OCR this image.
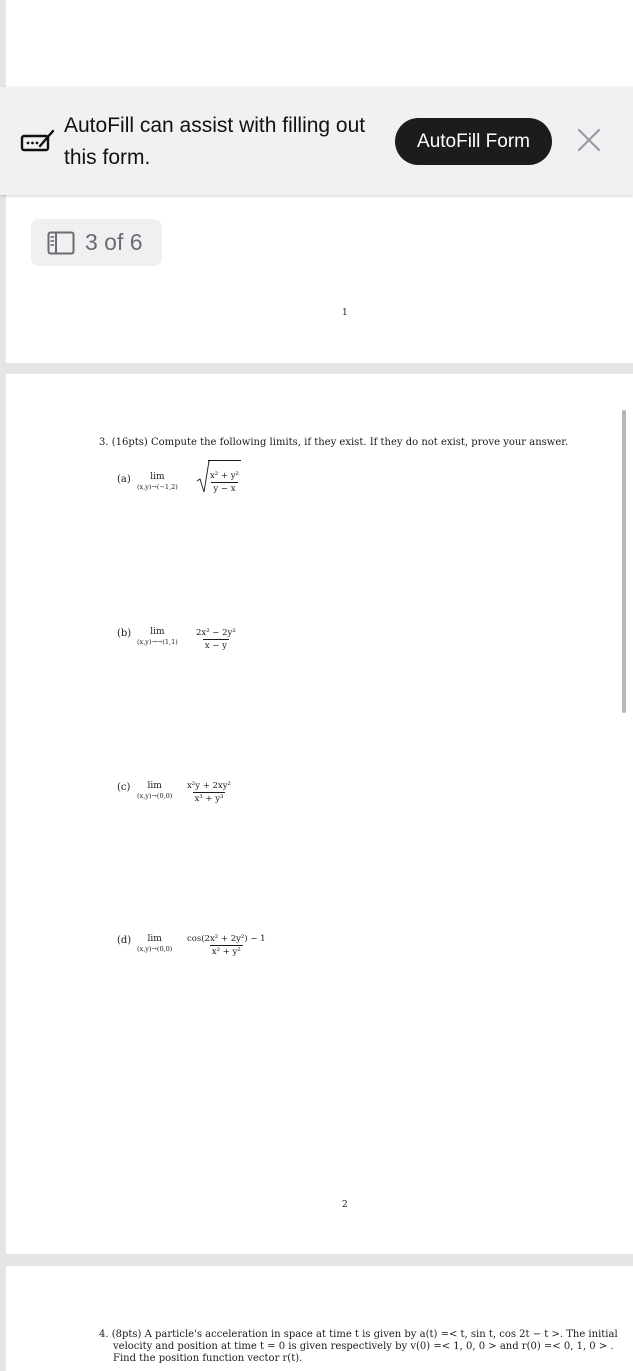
AutoFill can assist with filling out this form.
AutoFill Form
3 of 6
1
3. (16pts) Compute the following limits, if they exist. If they do not exist, prove your answer.
(a)	lim
(x,y)→(−1,2)	$\frac{\text{x² + y²}}{y - x}$
(b)	lim
$(x,y)\to\to(1,1) \frac{\text{2x² − 2y²}}{x - y}$
(c)	lim
$(x,y)\to(0,0) \frac{\text{x²y + 2xy²}}{\text{x³ + y³}}$
(d)	lim
$(x,y)\to(0,0) \frac{\text{cos(2x² + 2y²) − 1}}{\text{x² + y²}}$
2
4. (8pts) A particle's acceleration in space at time t is given by a(t) =< t, sin t, cos 2t − t >. The initial
velocity and position at time t = 0 is given respectively by v(0) =< 1, 0, 0 > and r(0) =< 0, 1, 0 > .
Find the position function vector r(t).
